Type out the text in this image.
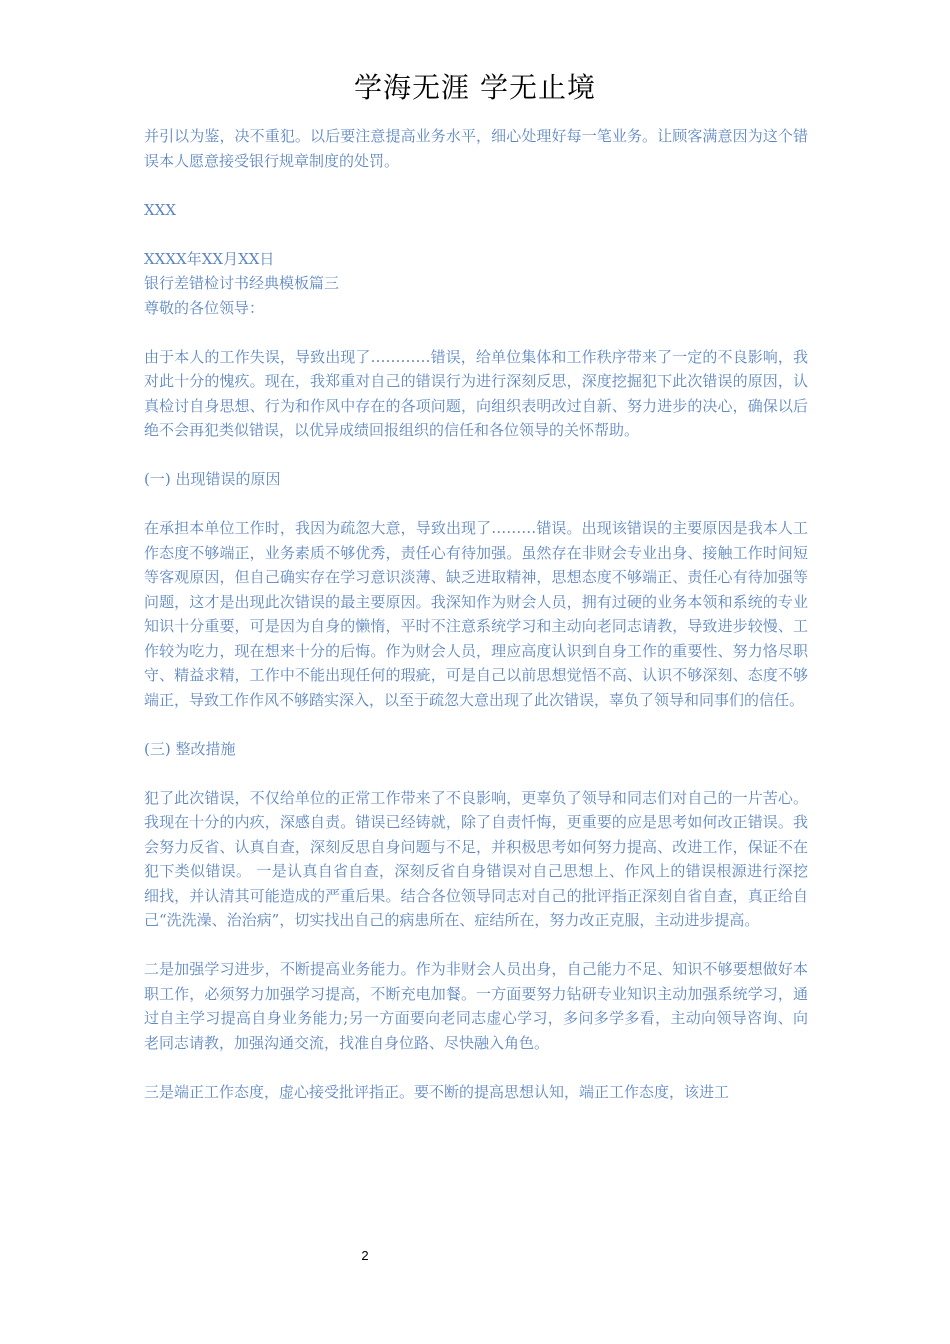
学海无涯 学无止境

并引以为鉴，决不重犯。以后要注意提高业务水平，细心处理好每一笔业务。让顾客满意因为这个错误本人愿意接受银行规章制度的处罚。

XXX

XXXX年XX月XX日

银行差错检讨书经典模板篇三

尊敬的各位领导：

由于本人的工作失误，导致出现了…………错误，给单位集体和工作秩序带来了一定的不良影响，我对此十分的愧疚。现在，我郑重对自己的错误行为进行深刻反思，深度挖掘犯下此次错误的原因，认真检讨自身思想、行为和作风中存在的各项问题，向组织表明改过自新、努力进步的决心，确保以后绝不会再犯类似错误，以优异成绩回报组织的信任和各位领导的关怀帮助。

(一) 出现错误的原因

在承担本单位工作时，我因为疏忽大意，导致出现了………错误。出现该错误的主要原因是我本人工作态度不够端正，业务素质不够优秀，责任心有待加强。虽然存在非财会专业出身、接触工作时间短等客观原因，但自己确实存在学习意识淡薄、缺乏进取精神，思想态度不够端正、责任心有待加强等问题，这才是出现此次错误的最主要原因。我深知作为财会人员，拥有过硬的业务本领和系统的专业知识十分重要，可是因为自身的懒惰，平时不注意系统学习和主动向老同志请教，导致进步较慢、工作较为吃力，现在想来十分的后悔。作为财会人员，理应高度认识到自身工作的重要性、努力恪尽职守、精益求精，工作中不能出现任何的瑕疵，可是自己以前思想觉悟不高、认识不够深刻、态度不够端正，导致工作作风不够踏实深入，以至于疏忽大意出现了此次错误，辜负了领导和同事们的信任。

(三) 整改措施

犯了此次错误，不仅给单位的正常工作带来了不良影响，更辜负了领导和同志们对自己的一片苦心。我现在十分的内疚，深感自责。错误已经铸就，除了自责忏悔，更重要的应是思考如何改正错误。我会努力反省、认真自查，深刻反思自身问题与不足，并积极思考如何努力提高、改进工作，保证不在犯下类似错误。 一是认真自省自查，深刻反省自身错误对自己思想上、作风上的错误根源进行深挖细找，并认清其可能造成的严重后果。结合各位领导同志对自己的批评指正深刻自省自查，真正给自己“洗洗澡、治治病”，切实找出自己的病患所在、症结所在，努力改正克服，主动进步提高。

二是加强学习进步，不断提高业务能力。作为非财会人员出身，自己能力不足、知识不够要想做好本职工作，必须努力加强学习提高，不断充电加餐。一方面要努力钻研专业知识主动加强系统学习，通过自主学习提高自身业务能力;另一方面要向老同志虚心学习，多问多学多看，主动向领导咨询、向老同志请教，加强沟通交流，找准自身位路、尽快融入角色。

三是端正工作态度，虚心接受批评指正。要不断的提高思想认知，端正工作态度，该进工

2
